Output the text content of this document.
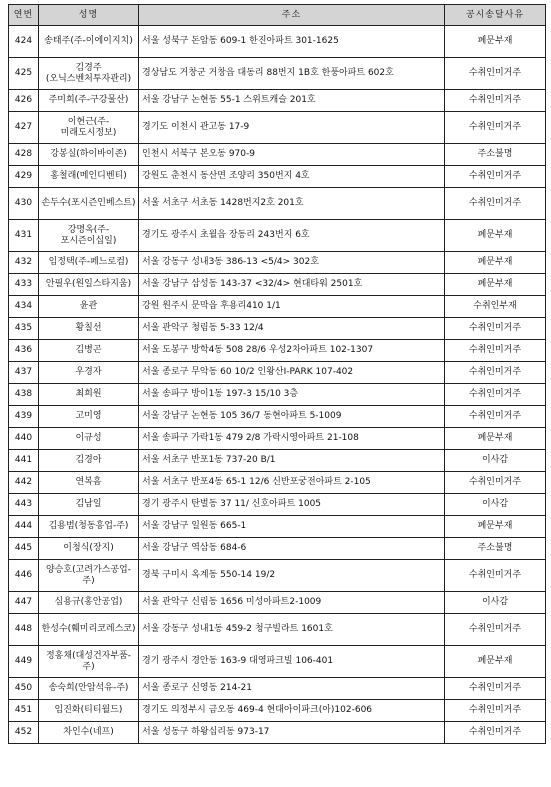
연번	성명	주소	공시송달사유
424	송태주(주-이에이지치)	서울 성북구 돈암동 609-1 한진아파트 301-1625	폐문부재
425	김경주(오닉스벤처투자관리)	경상남도 거창군 거창읍 대동리 88번지 1B호 한풍아파트 602호	수취인미거주
426	주미희(주-구강물산)	서울 강남구 논현동 55-1 스위트캐슬 201호	수취인미거주
427	이현근(주-미래도시정보)	경기도 이천시 관고동 17-9	수취인미거주
428	강봉실(하이바이존)	인천시 서북구 본오동 970-9	주소불명
429	홍철래(메인디벤티)	강원도 춘천시 동산면 조양리 350번지 4호	수취인미거주
430	손두수(포시즌인베스트)	서울 서초구 서초동 1428번지2호 201호	수취인미거주
431	강명옥(주-포시즌이십일)	경기도 광주시 초월읍 장동리 243번지 6호	폐문부재
432	임정택(주-페느로컴)	서울 강동구 성내3동 386-13 <5/4> 302호	폐문부재
433	안필우(원일스타지움)	서울 강남구 삼성동 143-37 <32/4> 현대타워 2501호	폐문부재
434	윤관	강원 원주시 문막읍 후용리410 1/1	수취인부재
435	황칠선	서울 관악구 청림동 5-33 12/4	수취인미거주
436	김병곤	서울 도봉구 방학4동 508 28/6 우성2차아파트 102-1307	수취인미거주
437	우경자	서울 종로구 무악동 60 10/2 인왕산I-PARK 107-402	수취인미거주
438	최희원	서울 송파구 방이1동 197-3 15/10 3층	수취인미거주
439	고미영	서울 강남구 논현동 105 36/7 동현아파트 5-1009	수취인미거주
440	이규성	서울 송파구 가락1동 479 2/8 가락시영아파트 21-108	폐문부재
441	김경아	서울 서초구 반포1동 737-20 B/1	이사감
442	연복흠	서울 서초구 반포4동 65-1 12/6 신반포궁전아파트 2-105	수취인미거주
443	김남일	경기 광주시 탄벌동 37 11/ 신호아파트 1005	이사감
444	김용범(청동흥업-주)	서울 강남구 일원동 665-1	폐문부재
445	이청식(장지)	서울 강남구 역삼동 684-6	주소불명
446	양승호(고려가스공업-주)	경북 구미시 옥계동 550-14 19/2	수취인미거주
447	심용규(홍안공업)	서울 관악구 신림동 1656 미성아파트2-1009	이사감
448	한성수(훼미리코레스코)	서울 강동구 성내1동 459-2 청구빌라트 1601호	수취인미거주
449	정홍채(대성건자부품-주)	경기 광주시 경안동 163-9 대영파크빌 106-401	폐문부재
450	송숙희(안암석유-주)	서울 종로구 신영동 214-21	수취인미거주
451	임진화(티티월드)	경기도 의정부시 금오동 469-4 현대아이파크(아)102-606	수취인미거주
452	차인수(네프)	서울 성동구 하왕십리동 973-17	수취인미거주
